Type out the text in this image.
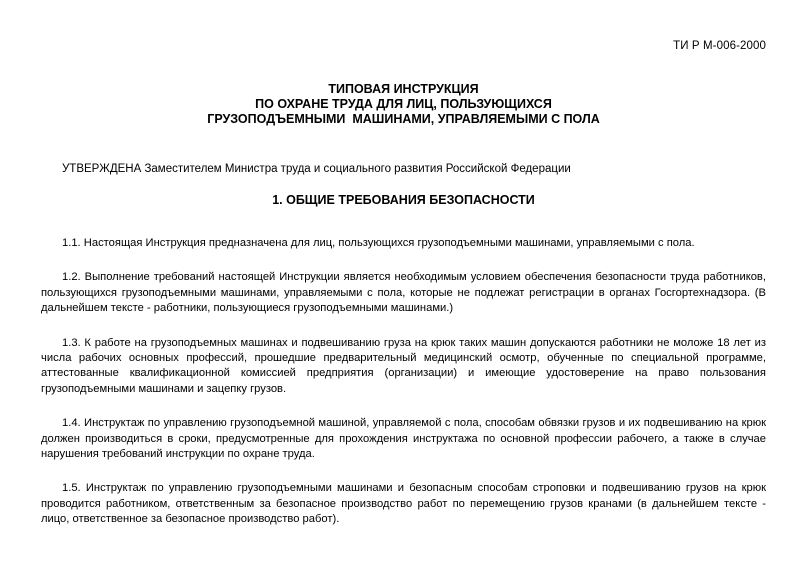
ТИ Р М-006-2000
ТИПОВАЯ ИНСТРУКЦИЯ
ПО ОХРАНЕ ТРУДА ДЛЯ ЛИЦ, ПОЛЬЗУЮЩИХСЯ
ГРУЗОПОДЪЕМНЫМИ  МАШИНАМИ, УПРАВЛЯЕМЫМИ С ПОЛА
УТВЕРЖДЕНА Заместителем Министра труда и социального развития Российской Федерации
1. ОБЩИЕ ТРЕБОВАНИЯ БЕЗОПАСНОСТИ

1.1. Настоящая Инструкция предназначена для лиц, пользующихся грузоподъемными машинами, управляемыми с пола.

1.2. Выполнение требований настоящей Инструкции является необходимым условием обеспечения безопасности труда работников, пользующихся грузоподъемными машинами, управляемыми с пола, которые не подлежат регистрации в органах Госгортехнадзора. (В дальнейшем тексте - работники, пользующиеся грузоподъемными машинами.)

1.3. К работе на грузоподъемных машинах и подвешиванию груза на крюк таких машин допускаются работники не моложе 18 лет из числа рабочих основных профессий, прошедшие предварительный медицинский осмотр, обученные по специальной программе, аттестованные квалификационной комиссией предприятия (организации) и имеющие удостоверение на право пользования грузоподъемными машинами и зацепку грузов.

1.4. Инструктаж по управлению грузоподъемной машиной, управляемой с пола, способам обвязки грузов и их подвешиванию на крюк должен производиться в сроки, предусмотренные для прохождения инструктажа по основной профессии рабочего, а также в случае нарушения требований инструкции по охране труда.

1.5. Инструктаж по управлению грузоподъемными машинами и безопасным способам строповки и подвешиванию грузов на крюк проводится работником, ответственным за безопасное производство работ по перемещению грузов кранами (в дальнейшем тексте - лицо, ответственное за безопасное производство работ).
